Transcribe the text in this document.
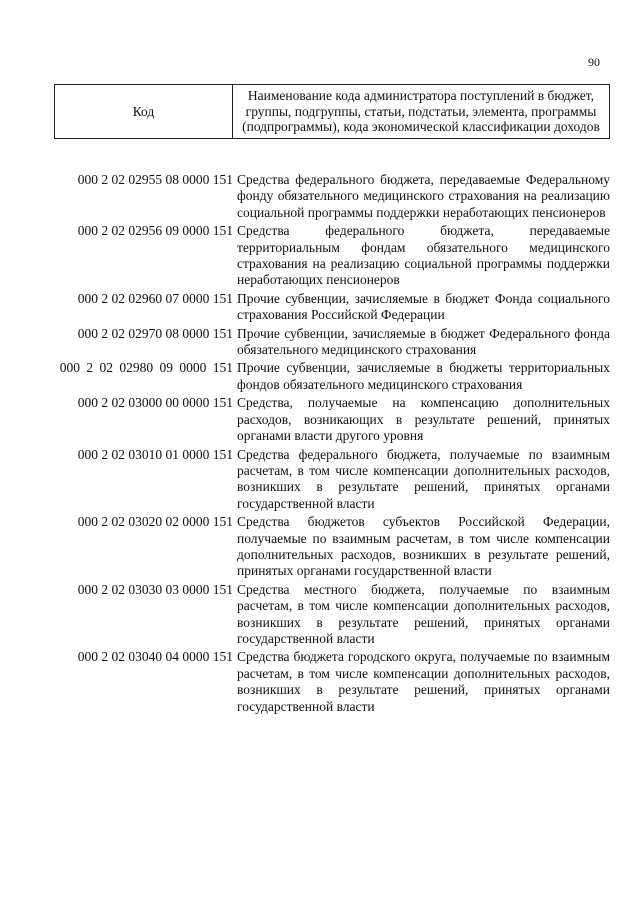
90
Код	Наименование кода администратора поступлений в бюджет, группы, подгруппы, статьи, подстатьи, элемента, программы (подпрограммы), кода экономической классификации доходов
000 2 02 02955 08 0000 151 Средства федерального бюджета, передаваемые Федеральному фонду обязательного медицинского страхования на реализацию социальной программы поддержки неработающих пенсионеров
000 2 02 02956 09 0000 151 Средства федерального бюджета, передаваемые территориальным фондам обязательного медицинского страхования на реализацию социальной программы поддержки неработающих пенсионеров
000 2 02 02960 07 0000 151 Прочие субвенции, зачисляемые в бюджет Фонда социального страхования Российской Федерации
000 2 02 02970 08 0000 151 Прочие субвенции, зачисляемые в бюджет Федерального фонда обязательного медицинского страхования
000 2 02 02980 09 0000 151 Прочие субвенции, зачисляемые в бюджеты территориальных фондов обязательного медицинского страхования
000 2 02 03000 00 0000 151 Средства, получаемые на компенсацию дополнительных расходов, возникающих в результате решений, принятых органами власти другого уровня
000 2 02 03010 01 0000 151 Средства федерального бюджета, получаемые по взаимным расчетам, в том числе компенсации дополнительных расходов, возникших в результате решений, принятых органами государственной власти
000 2 02 03020 02 0000 151 Средства бюджетов субъектов Российской Федерации, получаемые по взаимным расчетам, в том числе компенсации дополнительных расходов, возникших в результате решений, принятых органами государственной власти
000 2 02 03030 03 0000 151 Средства местного бюджета, получаемые по взаимным расчетам, в том числе компенсации дополнительных расходов, возникших в результате решений, принятых органами государственной власти
000 2 02 03040 04 0000 151 Средства бюджета городского округа, получаемые по взаимным расчетам, в том числе компенсации дополнительных расходов, возникших в результате решений, принятых органами государственной власти
